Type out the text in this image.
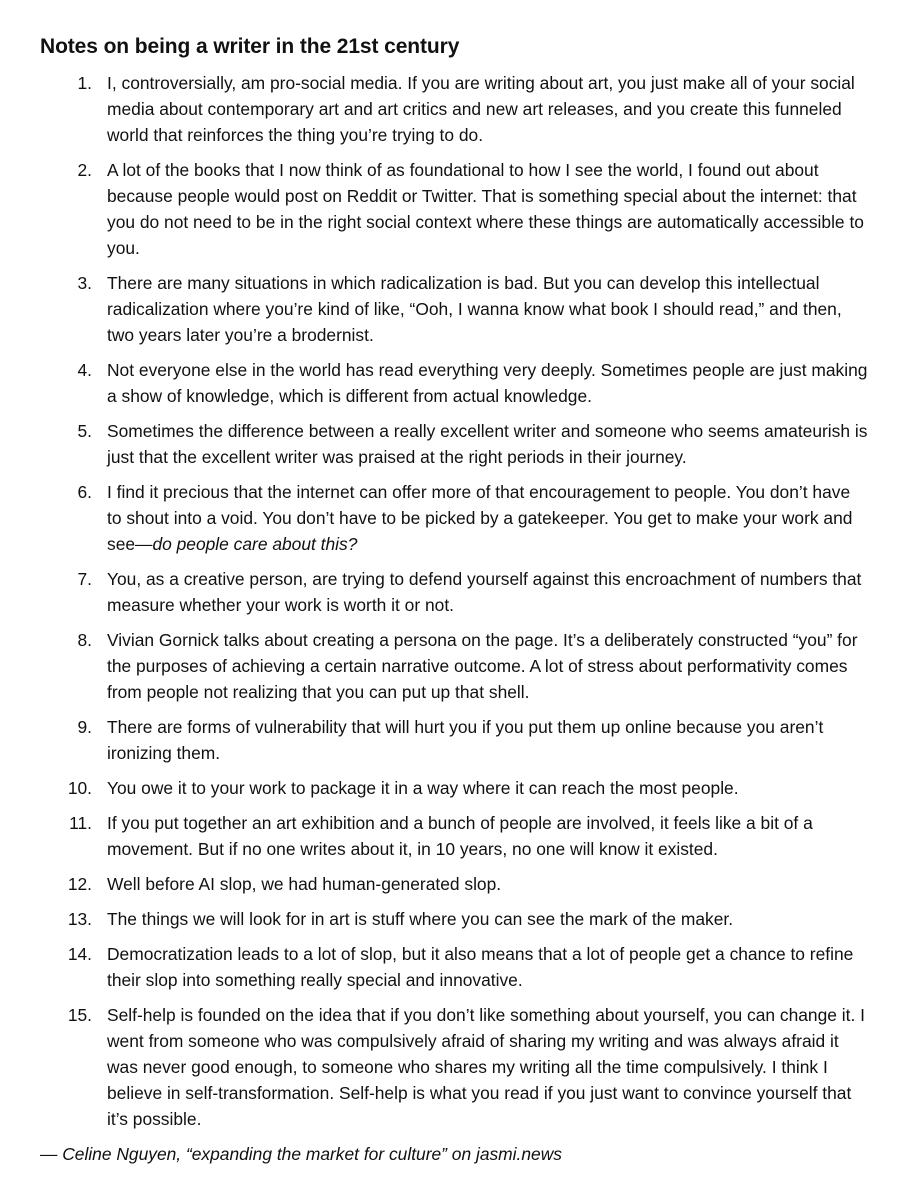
Notes on being a writer in the 21st century
1. I, controversially, am pro-social media. If you are writing about art, you just make all of your social media about contemporary art and art critics and new art releases, and you create this funneled world that reinforces the thing you’re trying to do.
2. A lot of the books that I now think of as foundational to how I see the world, I found out about because people would post on Reddit or Twitter. That is something special about the internet: that you do not need to be in the right social context where these things are automatically accessible to you.
3. There are many situations in which radicalization is bad. But you can develop this intellectual radicalization where you’re kind of like, “Ooh, I wanna know what book I should read,” and then, two years later you’re a brodernist.
4. Not everyone else in the world has read everything very deeply. Sometimes people are just making a show of knowledge, which is different from actual knowledge.
5. Sometimes the difference between a really excellent writer and someone who seems amateurish is just that the excellent writer was praised at the right periods in their journey.
6. I find it precious that the internet can offer more of that encouragement to people. You don’t have to shout into a void. You don’t have to be picked by a gatekeeper. You get to make your work and see—do people care about this?
7. You, as a creative person, are trying to defend yourself against this encroachment of numbers that measure whether your work is worth it or not.
8. Vivian Gornick talks about creating a persona on the page. It’s a deliberately constructed “you” for the purposes of achieving a certain narrative outcome. A lot of stress about performativity comes from people not realizing that you can put up that shell.
9. There are forms of vulnerability that will hurt you if you put them up online because you aren’t ironizing them.
10. You owe it to your work to package it in a way where it can reach the most people.
11. If you put together an art exhibition and a bunch of people are involved, it feels like a bit of a movement. But if no one writes about it, in 10 years, no one will know it existed.
12. Well before AI slop, we had human-generated slop.
13. The things we will look for in art is stuff where you can see the mark of the maker.
14. Democratization leads to a lot of slop, but it also means that a lot of people get a chance to refine their slop into something really special and innovative.
15. Self-help is founded on the idea that if you don’t like something about yourself, you can change it. I went from someone who was compulsively afraid of sharing my writing and was always afraid it was never good enough, to someone who shares my writing all the time compulsively. I think I believe in self-transformation. Self-help is what you read if you just want to convince yourself that it’s possible.
— Celine Nguyen, “expanding the market for culture” on jasmi.news
